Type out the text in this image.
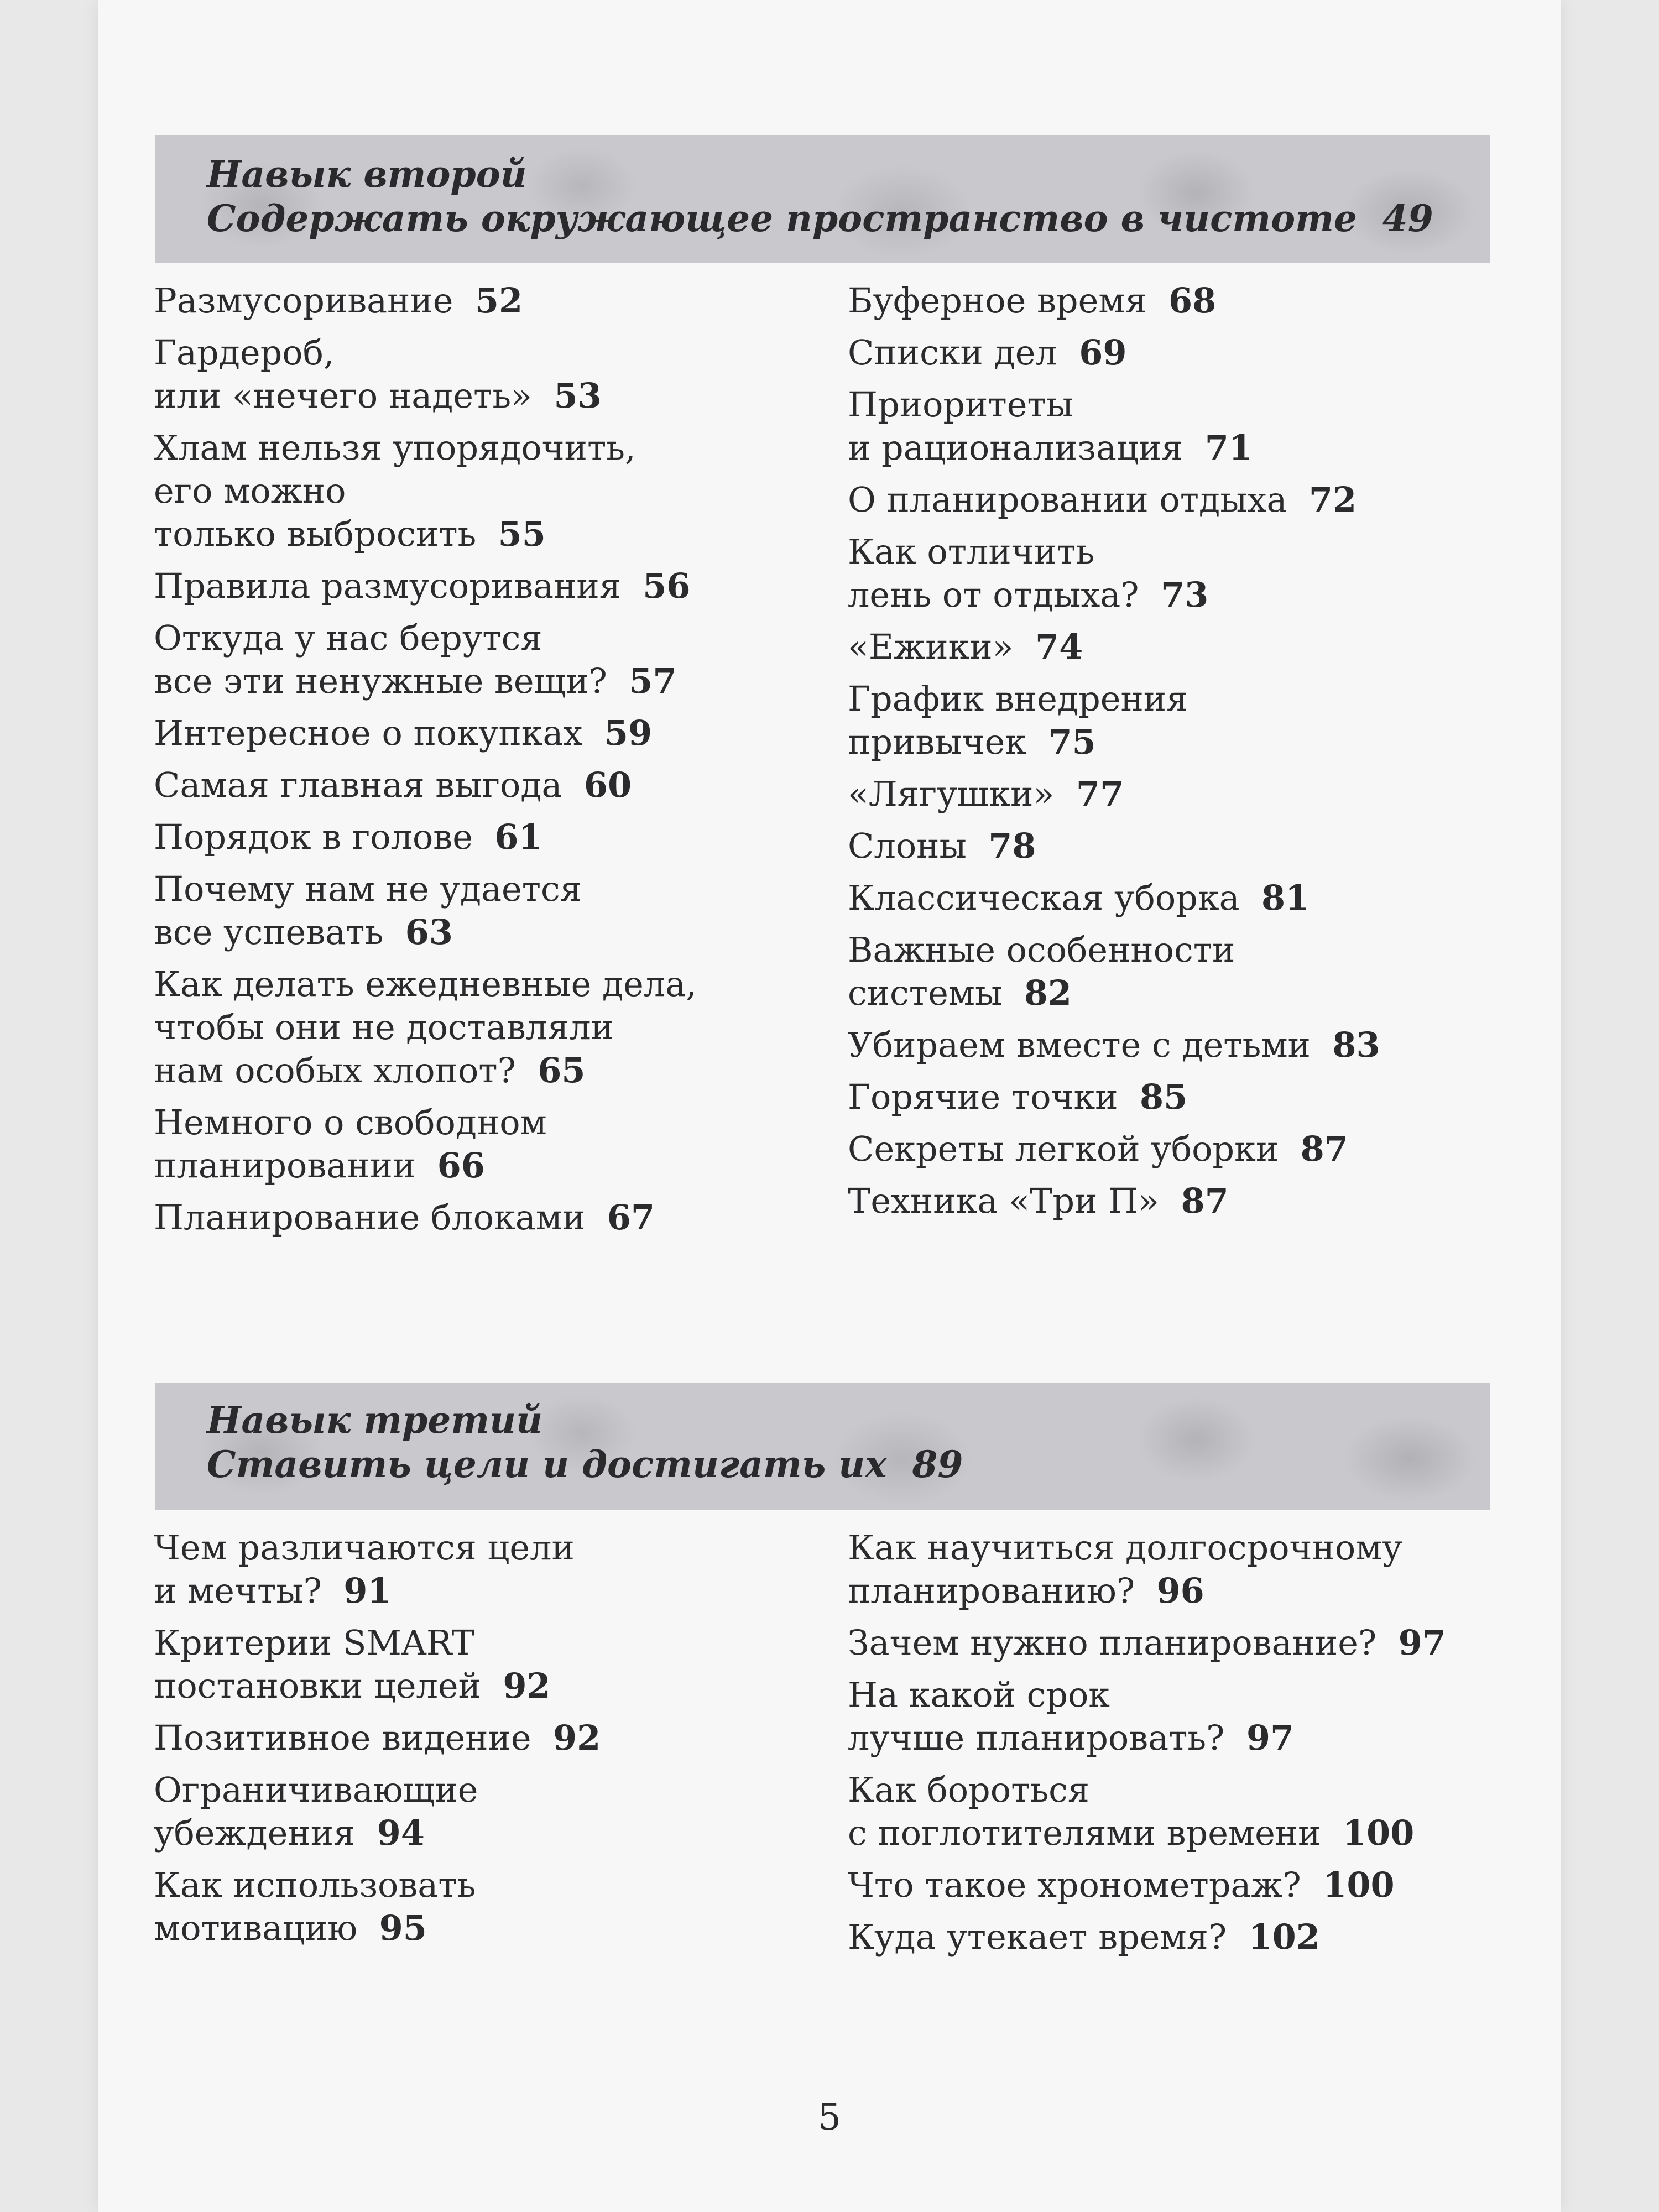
Навык второй
Содержать окружающее пространство в чистоте 49
Размусоривание 52
Гардероб,
или «нечего надеть» 53
Хлам нельзя упорядочить,
его можно
только выбросить 55
Правила размусоривания 56
Откуда у нас берутся
все эти ненужные вещи? 57
Интересное о покупках 59
Самая главная выгода 60
Порядок в голове 61
Почему нам не удается
все успевать 63
Как делать ежедневные дела,
чтобы они не доставляли
нам особых хлопот? 65
Немного о свободном
планировании 66
Планирование блоками 67
Буферное время 68
Списки дел 69
Приоритеты
и рационализация 71
О планировании отдыха 72
Как отличить
лень от отдыха? 73
«Ежики» 74
График внедрения
привычек 75
«Лягушки» 77
Слоны 78
Классическая уборка 81
Важные особенности
системы 82
Убираем вместе с детьми 83
Горячие точки 85
Секреты легкой уборки 87
Техника «Три П» 87
Навык третий
Ставить цели и достигать их 89
Чем различаются цели
и мечты? 91
Критерии SMART
постановки целей 92
Позитивное видение 92
Ограничивающие
убеждения 94
Как использовать
мотивацию 95
Как научиться долгосрочному
планированию? 96
Зачем нужно планирование? 97
На какой срок
лучше планировать? 97
Как бороться
с поглотителями времени 100
Что такое хронометраж? 100
Куда утекает время? 102
5
